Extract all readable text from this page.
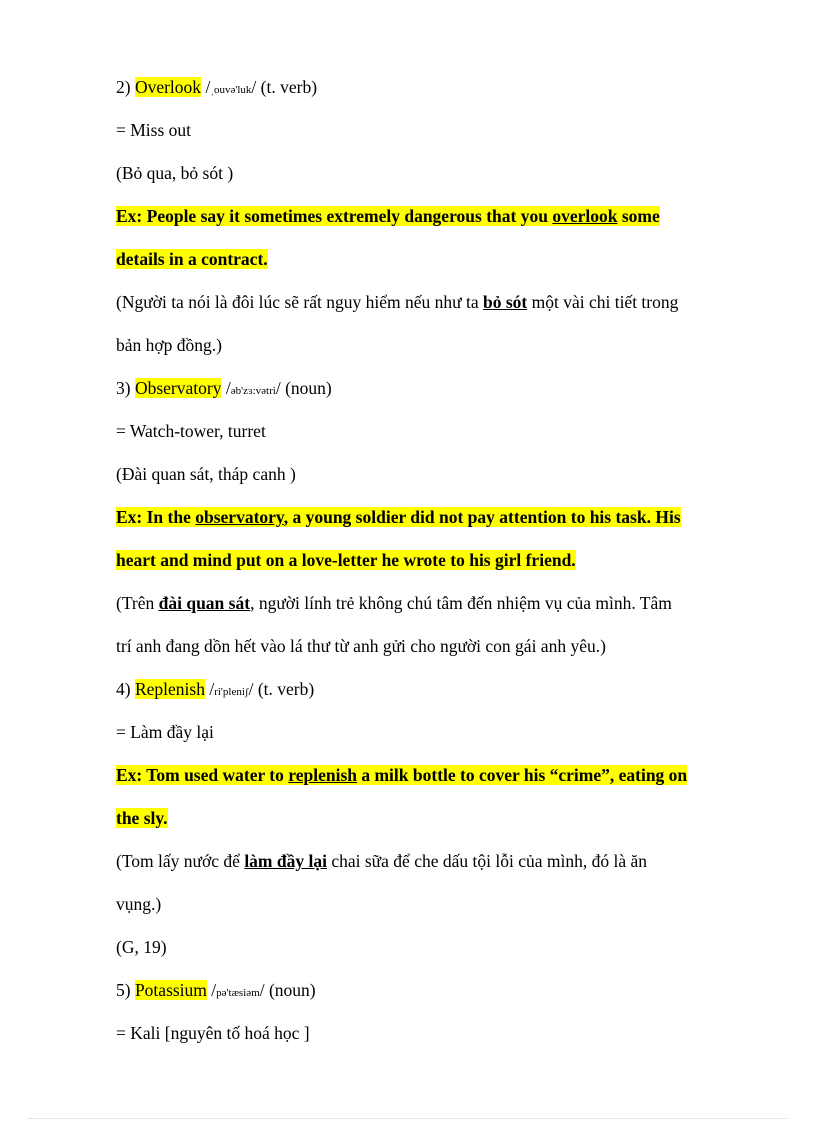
2) Overlook /ˌouvə'luk/ (t. verb)
= Miss out
(Bỏ qua, bỏ sót )
Ex: People say it sometimes extremely dangerous that you overlook some
details in a contract.
(Người ta nói là đôi lúc sẽ rất nguy hiểm nếu như ta bỏ sót một vài chi tiết trong
bản hợp đồng.)
3) Observatory /əb'zɜ:vətri/ (noun)
= Watch-tower, turret
(Đài quan sát, tháp canh )
Ex: In the observatory, a young soldier did not pay attention to his task. His
heart and mind put on a love-letter he wrote to his girl friend.
(Trên đài quan sát, người lính trẻ không chú tâm đến nhiệm vụ của mình. Tâm
trí anh đang dồn hết vào lá thư từ anh gửi cho người con gái anh yêu.)
4) Replenish /ri'pleniʃ/ (t. verb)
= Làm đầy lại
Ex: Tom used water to replenish a milk bottle to cover his “crime”, eating on
the sly.
(Tom lấy nước để làm đầy lại chai sữa để che dấu tội lỗi của mình, đó là ăn
vụng.)
(G, 19)
5) Potassium /pə'tæsiəm/ (noun)
= Kali [nguyên tố hoá học ]
